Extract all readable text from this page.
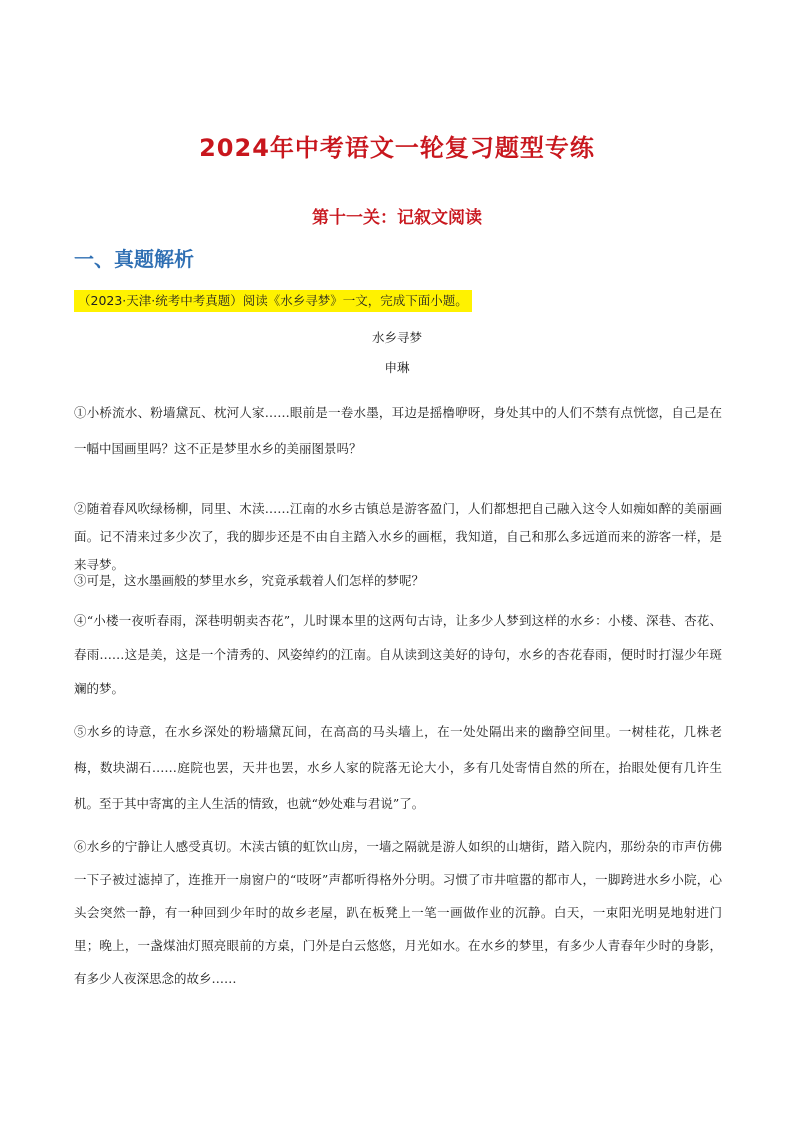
2024年中考语文一轮复习题型专练
第十一关：记叙文阅读
一、真题解析
（2023·天津·统考中考真题）阅读《水乡寻梦》一文，完成下面小题。
水乡寻梦
申琳

①小桥流水、粉墙黛瓦、枕河人家……眼前是一卷水墨，耳边是摇橹咿呀，身处其中的人们不禁有点恍惚，自己是在一幅中国画里吗？这不正是梦里水乡的美丽图景吗？

②随着春风吹绿杨柳，同里、木渎……江南的水乡古镇总是游客盈门，人们都想把自己融入这令人如痴如醉的美丽画面。记不清来过多少次了，我的脚步还是不由自主踏入水乡的画框，我知道，自己和那么多远道而来的游客一样，是来寻梦。

③可是，这水墨画般的梦里水乡，究竟承载着人们怎样的梦呢？

④“小楼一夜听春雨，深巷明朝卖杏花”，儿时课本里的这两句古诗，让多少人梦到这样的水乡：小楼、深巷、杏花、春雨……这是美，这是一个清秀的、风姿绰约的江南。自从读到这美好的诗句，水乡的杏花春雨，便时时打湿少年斑斓的梦。

⑤水乡的诗意，在水乡深处的粉墙黛瓦间，在高高的马头墙上，在一处处隔出来的幽静空间里。一树桂花，几株老梅，数块湖石……庭院也罢，天井也罢，水乡人家的院落无论大小，多有几处寄情自然的所在，抬眼处便有几许生机。至于其中寄寓的主人生活的情致，也就“妙处难与君说”了。

⑥水乡的宁静让人感受真切。木渎古镇的虹饮山房，一墙之隔就是游人如织的山塘街，踏入院内，那纷杂的市声仿佛一下子被过滤掉了，连推开一扇窗户的“吱呀”声都听得格外分明。习惯了市井喧嚣的都市人，一脚跨进水乡小院，心头会突然一静，有一种回到少年时的故乡老屋，趴在板凳上一笔一画做作业的沉静。白天，一束阳光明晃地射进门里；晚上，一盏煤油灯照亮眼前的方桌，门外是白云悠悠，月光如水。在水乡的梦里，有多少人青春年少时的身影，有多少人夜深思念的故乡……
